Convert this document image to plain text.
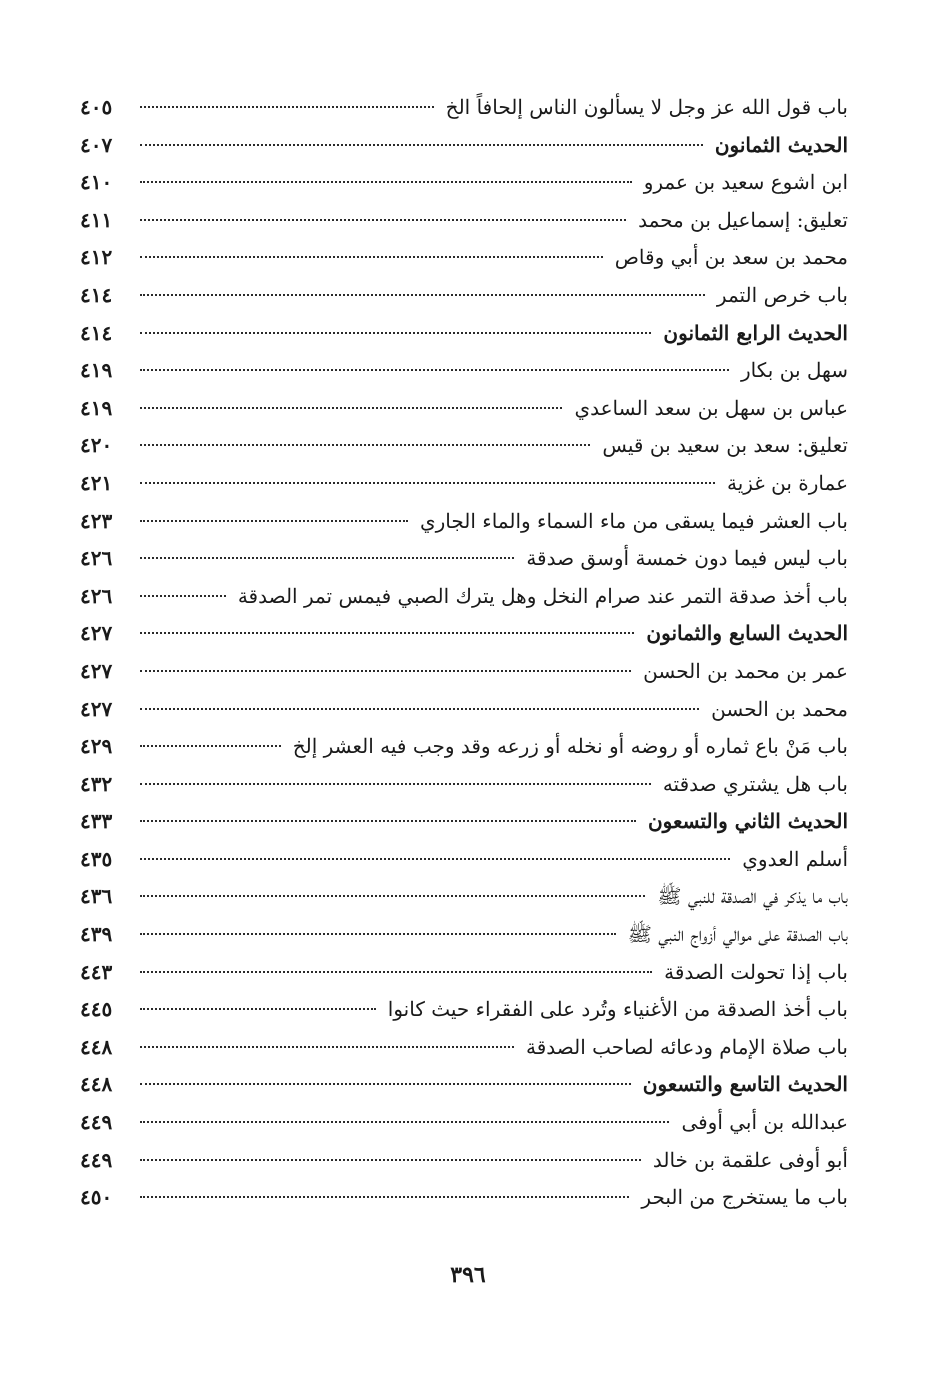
باب قول الله عز وجل لا يسألون الناس إلحافاً الخ
٤٠٥
الحديث الثمانون
٤٠٧
ابن اشوع سعيد بن عمرو
٤١٠
تعليق: إسماعيل بن محمد
٤١١
محمد بن سعد بن أبي وقاص
٤١٢
باب خرص التمر
٤١٤
الحديث الرابع الثمانون
٤١٤
سهل بن بكار
٤١٩
عباس بن سهل بن سعد الساعدي
٤١٩
تعليق: سعد بن سعيد بن قيس
٤٢٠
عمارة بن غزية
٤٢١
باب العشر فيما يسقى من ماء السماء والماء الجاري
٤٢٣
باب ليس فيما دون خمسة أوسق صدقة
٤٢٦
باب أخذ صدقة التمر عند صرام النخل وهل يترك الصبي فيمس تمر الصدقة
٤٢٦
الحديث السابع والثمانون
٤٢٧
عمر بن محمد بن الحسن
٤٢٧
محمد بن الحسن
٤٢٧
باب مَنْ باع ثماره أو روضه أو نخله أو زرعه وقد وجب فيه العشر إلخ
٤٢٩
باب هل يشتري صدقته
٤٣٢
الحديث الثاني والتسعون
٤٣٣
أسلم العدوي
٤٣٥
باب ما يذكر في الصدقة للنبي ﷺ
٤٣٦
باب الصدقة على موالي أزواج النبي ﷺ
٤٣٩
باب إذا تحولت الصدقة
٤٤٣
باب أخذ الصدقة من الأغنياء وتُرد على الفقراء حيث كانوا
٤٤٥
باب صلاة الإمام ودعائه لصاحب الصدقة
٤٤٨
الحديث التاسع والتسعون
٤٤٨
عبدالله بن أبي أوفى
٤٤٩
أبو أوفى علقمة بن خالد
٤٤٩
باب ما يستخرج من البحر
٤٥٠
٣٩٦
